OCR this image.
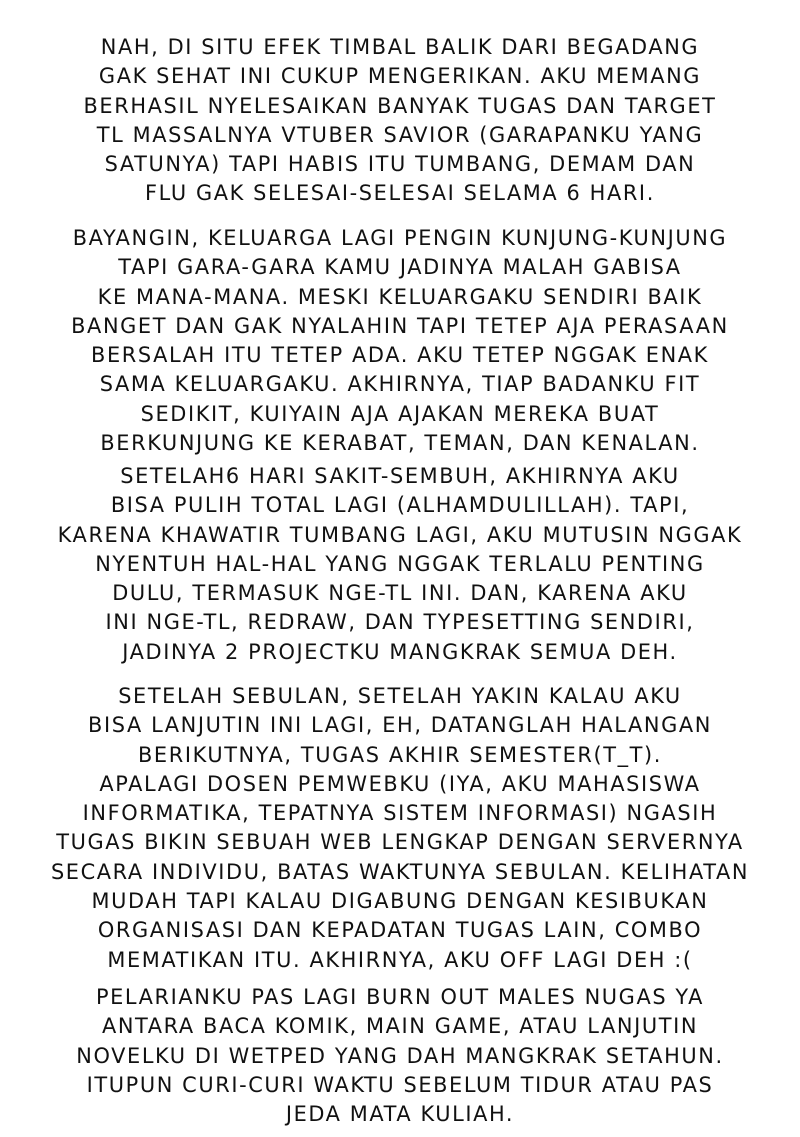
NAH, DI SITU EFEK TIMBAL BALIK DARI BEGADANG
GAK SEHAT INI CUKUP MENGERIKAN. AKU MEMANG
BERHASIL NYELESAIKAN BANYAK TUGAS DAN TARGET
TL MASSALNYA VTUBER SAVIOR (GARAPANKU YANG
SATUNYA) TAPI HABIS ITU TUMBANG, DEMAM DAN
FLU GAK SELESAI-SELESAI SELAMA 6 HARI.

BAYANGIN, KELUARGA LAGI PENGIN KUNJUNG-KUNJUNG
TAPI GARA-GARA KAMU JADINYA MALAH GABISA
KE MANA-MANA. MESKI KELUARGAKU SENDIRI BAIK
BANGET DAN GAK NYALAHIN TAPI TETEP AJA PERASAAN
BERSALAH ITU TETEP ADA. AKU TETEP NGGAK ENAK
SAMA KELUARGAKU. AKHIRNYA, TIAP BADANKU FIT
SEDIKIT, KUIYAIN AJA AJAKAN MEREKA BUAT
BERKUNJUNG KE KERABAT, TEMAN, DAN KENALAN.

SETELAH6 HARI SAKIT-SEMBUH, AKHIRNYA AKU
BISA PULIH TOTAL LAGI (ALHAMDULILLAH). TAPI,
KARENA KHAWATIR TUMBANG LAGI, AKU MUTUSIN NGGAK
NYENTUH HAL-HAL YANG NGGAK TERLALU PENTING
DULU, TERMASUK NGE-TL INI. DAN, KARENA AKU
INI NGE-TL, REDRAW, DAN TYPESETTING SENDIRI,
JADINYA 2 PROJECTKU MANGKRAK SEMUA DEH.

SETELAH SEBULAN, SETELAH YAKIN KALAU AKU
BISA LANJUTIN INI LAGI, EH, DATANGLAH HALANGAN
BERIKUTNYA, TUGAS AKHIR SEMESTER(T_T).
APALAGI DOSEN PEMWEBKU (IYA, AKU MAHASISWA
INFORMATIKA, TEPATNYA SISTEM INFORMASI) NGASIH
TUGAS BIKIN SEBUAH WEB LENGKAP DENGAN SERVERNYA
SECARA INDIVIDU, BATAS WAKTUNYA SEBULAN. KELIHATAN
MUDAH TAPI KALAU DIGABUNG DENGAN KESIBUKAN
ORGANISASI DAN KEPADATAN TUGAS LAIN, COMBO
MEMATIKAN ITU. AKHIRNYA, AKU OFF LAGI DEH :(

PELARIANKU PAS LAGI BURN OUT MALES NUGAS YA
ANTARA BACA KOMIK, MAIN GAME, ATAU LANJUTIN
NOVELKU DI WETPED YANG DAH MANGKRAK SETAHUN.
ITUPUN CURI-CURI WAKTU SEBELUM TIDUR ATAU PAS
JEDA MATA KULIAH.
